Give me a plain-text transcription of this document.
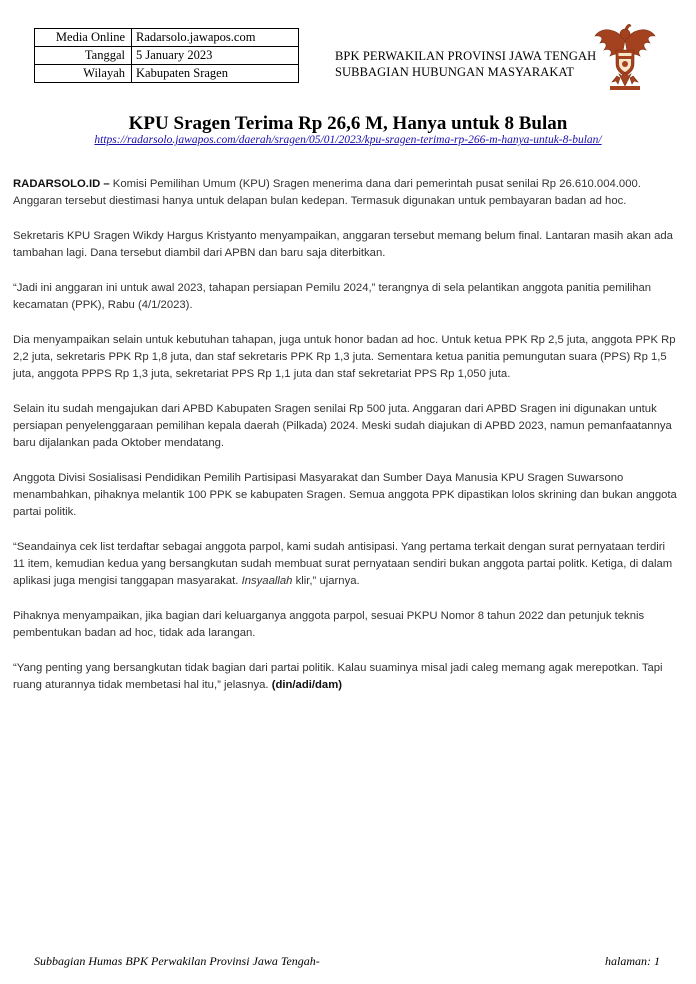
Media Online	Radarsolo.jawapos.com
Tanggal	5 January 2023
Wilayah	Kabupaten Sragen
BPK PERWAKILAN PROVINSI JAWA TENGAH
SUBBAGIAN HUBUNGAN MASYARAKAT
KPU Sragen Terima Rp 26,6 M, Hanya untuk 8 Bulan
https://radarsolo.jawapos.com/daerah/sragen/05/01/2023/kpu-sragen-terima-rp-266-m-hanya-untuk-8-bulan/

RADARSOLO.ID – Komisi Pemilihan Umum (KPU) Sragen menerima dana dari pemerintah pusat senilai Rp 26.610.004.000. Anggaran tersebut diestimasi hanya untuk delapan bulan kedepan. Termasuk digunakan untuk pembayaran badan ad hoc.

Sekretaris KPU Sragen Wikdy Hargus Kristyanto menyampaikan, anggaran tersebut memang belum final. Lantaran masih akan ada tambahan lagi. Dana tersebut diambil dari APBN dan baru saja diterbitkan.

“Jadi ini anggaran ini untuk awal 2023, tahapan persiapan Pemilu 2024,” terangnya di sela pelantikan anggota panitia pemilihan kecamatan (PPK), Rabu (4/1/2023).

Dia menyampaikan selain untuk kebutuhan tahapan, juga untuk honor badan ad hoc. Untuk ketua PPK Rp 2,5 juta, anggota PPK Rp 2,2 juta, sekretaris PPK Rp 1,8 juta, dan staf sekretaris PPK Rp 1,3 juta. Sementara ketua panitia pemungutan suara (PPS) Rp 1,5 juta, anggota PPPS Rp 1,3 juta, sekretariat PPS Rp 1,1 juta dan staf sekretariat PPS Rp 1,050 juta.

Selain itu sudah mengajukan dari APBD Kabupaten Sragen senilai Rp 500 juta. Anggaran dari APBD Sragen ini digunakan untuk persiapan penyelenggaraan pemilihan kepala daerah (Pilkada) 2024. Meski sudah diajukan di APBD 2023, namun pemanfaatannya baru dijalankan pada Oktober mendatang.

Anggota Divisi Sosialisasi Pendidikan Pemilih Partisipasi Masyarakat dan Sumber Daya Manusia KPU Sragen Suwarsono menambahkan, pihaknya melantik 100 PPK se kabupaten Sragen. Semua anggota PPK dipastikan lolos skrining dan bukan anggota partai politik.

“Seandainya cek list terdaftar sebagai anggota parpol, kami sudah antisipasi. Yang pertama terkait dengan surat pernyataan terdiri 11 item, kemudian kedua yang bersangkutan sudah membuat surat pernyataan sendiri bukan anggota partai politk. Ketiga, di dalam aplikasi juga mengisi tanggapan masyarakat. Insyaallah klir,” ujarnya.

Pihaknya menyampaikan, jika bagian dari keluarganya anggota parpol, sesuai PKPU Nomor 8 tahun 2022 dan petunjuk teknis pembentukan badan ad hoc, tidak ada larangan.

“Yang penting yang bersangkutan tidak bagian dari partai politik. Kalau suaminya misal jadi caleg memang agak merepotkan. Tapi ruang aturannya tidak membetasi hal itu,” jelasnya. (din/adi/dam)

Subbagian Humas BPK Perwakilan Provinsi Jawa Tengah-	halaman: 1
